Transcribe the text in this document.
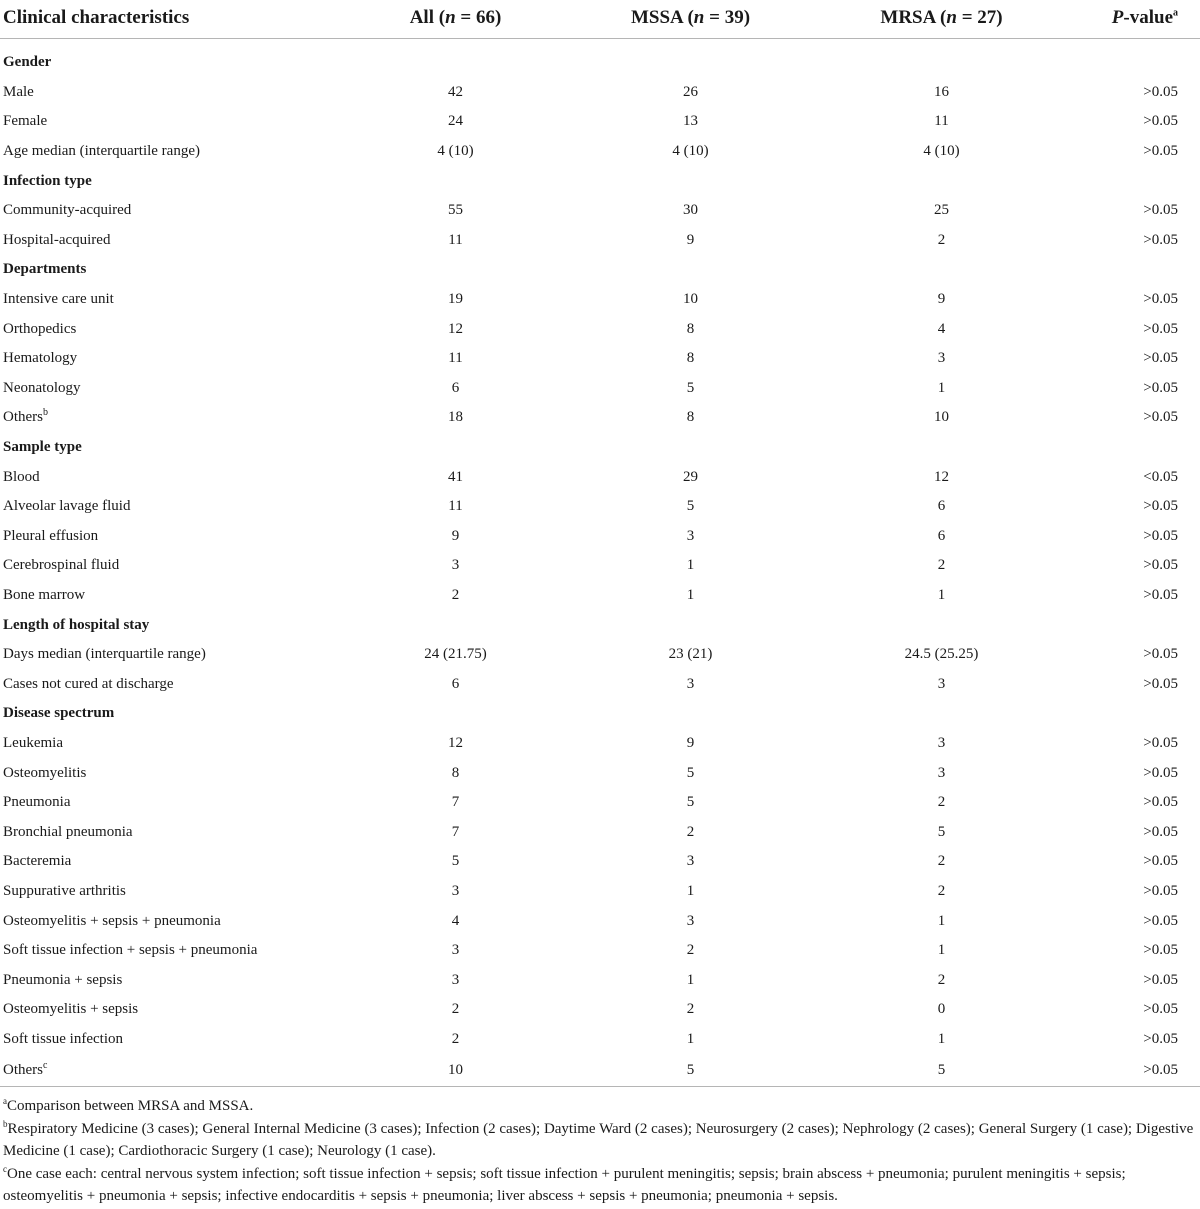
Clinical characteristics	All (n = 66)	MSSA (n = 39)	MRSA (n = 27)	P-value$^a$

Gender				
Male	42	26	16	>0.05
Female	24	13	11	>0.05
Age median (interquartile range)	4 (10)	4 (10)	4 (10)	>0.05
Infection type				
Community-acquired	55	30	25	>0.05
Hospital-acquired	11	9	2	>0.05
Departments				
Intensive care unit	19	10	9	>0.05
Orthopedics	12	8	4	>0.05
Hematology	11	8	3	>0.05
Neonatology	6	5	1	>0.05
Others$^b$	18	8	10	>0.05
Sample type				
Blood	41	29	12	<0.05
Alveolar lavage fluid	11	5	6	>0.05
Pleural effusion	9	3	6	>0.05
Cerebrospinal fluid	3	1	2	>0.05
Bone marrow	2	1	1	>0.05
Length of hospital stay				
Days median (interquartile range)	24 (21.75)	23 (21)	24.5 (25.25)	>0.05
Cases not cured at discharge	6	3	3	>0.05
Disease spectrum				
Leukemia	12	9	3	>0.05
Osteomyelitis	8	5	3	>0.05
Pneumonia	7	5	2	>0.05
Bronchial pneumonia	7	2	5	>0.05
Bacteremia	5	3	2	>0.05
Suppurative arthritis	3	1	2	>0.05
Osteomyelitis + sepsis + pneumonia	4	3	1	>0.05
Soft tissue infection + sepsis + pneumonia	3	2	1	>0.05
Pneumonia + sepsis	3	1	2	>0.05
Osteomyelitis + sepsis	2	2	0	>0.05
Soft tissue infection	2	1	1	>0.05
Others$^c$	10	5	5	>0.05

$^a$Comparison between MRSA and MSSA.

$^b$Respiratory Medicine (3 cases); General Internal Medicine (3 cases); Infection (2 cases); Daytime Ward (2 cases); Neurosurgery (2 cases); Nephrology (2 cases); General Surgery (1 case); Digestive Medicine (1 case); Cardiothoracic Surgery (1 case); Neurology (1 case).

$^c$One case each: central nervous system infection; soft tissue infection + sepsis; soft tissue infection + purulent meningitis; sepsis; brain abscess + pneumonia; purulent meningitis + sepsis; osteomyelitis + pneumonia + sepsis; infective endocarditis + sepsis + pneumonia; liver abscess + sepsis + pneumonia; pneumonia + sepsis.
